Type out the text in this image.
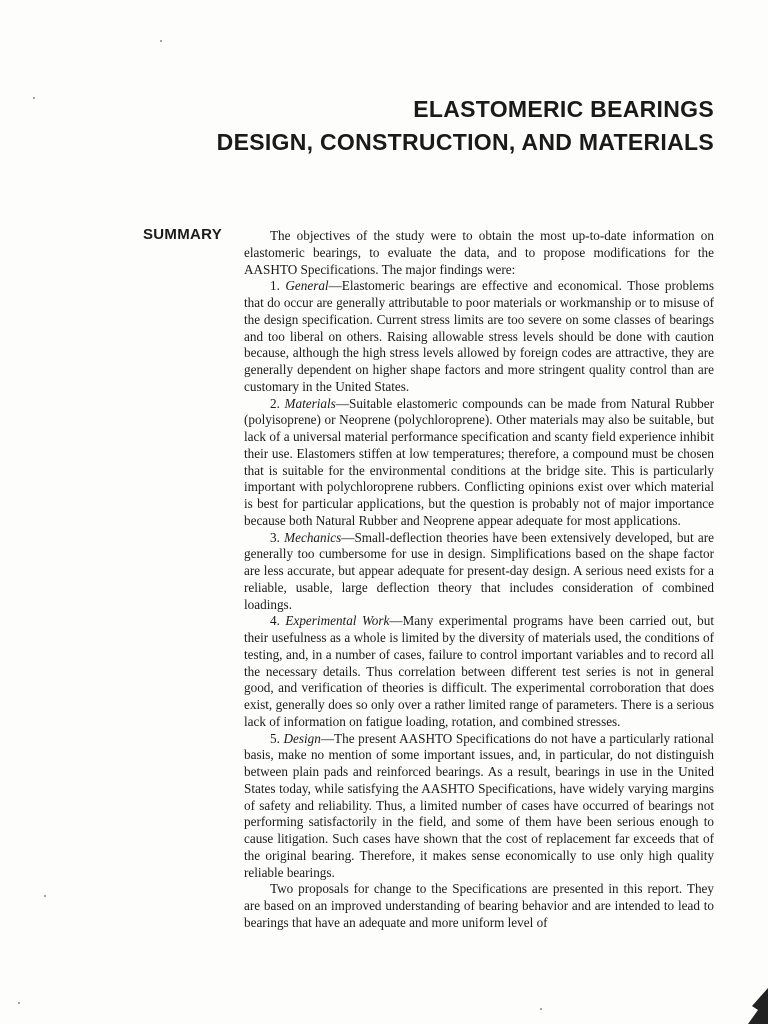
ELASTOMERIC BEARINGS
DESIGN, CONSTRUCTION, AND MATERIALS
SUMMARY	The objectives of the study were to obtain the most up-to-date information on elastomeric bearings, to evaluate the data, and to propose modifications for the AASHTO Specifications. The major findings were:

1. General—Elastomeric bearings are effective and economical. Those problems that do occur are generally attributable to poor materials or workmanship or to misuse of the design specification. Current stress limits are too severe on some classes of bearings and too liberal on others. Raising allowable stress levels should be done with caution because, although the high stress levels allowed by foreign codes are attractive, they are generally dependent on higher shape factors and more stringent quality control than are customary in the United States.

2. Materials—Suitable elastomeric compounds can be made from Natural Rubber (polyisoprene) or Neoprene (polychloroprene). Other materials may also be suitable, but lack of a universal material performance specification and scanty field experience inhibit their use. Elastomers stiffen at low temperatures; therefore, a compound must be chosen that is suitable for the environmental conditions at the bridge site. This is particularly important with polychloroprene rubbers. Conflicting opinions exist over which material is best for particular applications, but the question is probably not of major importance because both Natural Rubber and Neoprene appear adequate for most applications.

3. Mechanics—Small-deflection theories have been extensively developed, but are generally too cumbersome for use in design. Simplifications based on the shape factor are less accurate, but appear adequate for present-day design. A serious need exists for a reliable, usable, large deflection theory that includes consideration of combined loadings.

4. Experimental Work—Many experimental programs have been carried out, but their usefulness as a whole is limited by the diversity of materials used, the conditions of testing, and, in a number of cases, failure to control important variables and to record all the necessary details. Thus correlation between different test series is not in general good, and verification of theories is difficult. The experimental corroboration that does exist, generally does so only over a rather limited range of parameters. There is a serious lack of information on fatigue loading, rotation, and combined stresses.

5. Design—The present AASHTO Specifications do not have a particularly rational basis, make no mention of some important issues, and, in particular, do not distinguish between plain pads and reinforced bearings. As a result, bearings in use in the United States today, while satisfying the AASHTO Specifications, have widely varying margins of safety and reliability. Thus, a limited number of cases have occurred of bearings not performing satisfactorily in the field, and some of them have been serious enough to cause litigation. Such cases have shown that the cost of replacement far exceeds that of the original bearing. Therefore, it makes sense economically to use only high quality reliable bearings.

Two proposals for change to the Specifications are presented in this report. They are based on an improved understanding of bearing behavior and are intended to lead to bearings that have an adequate and more uniform level of
